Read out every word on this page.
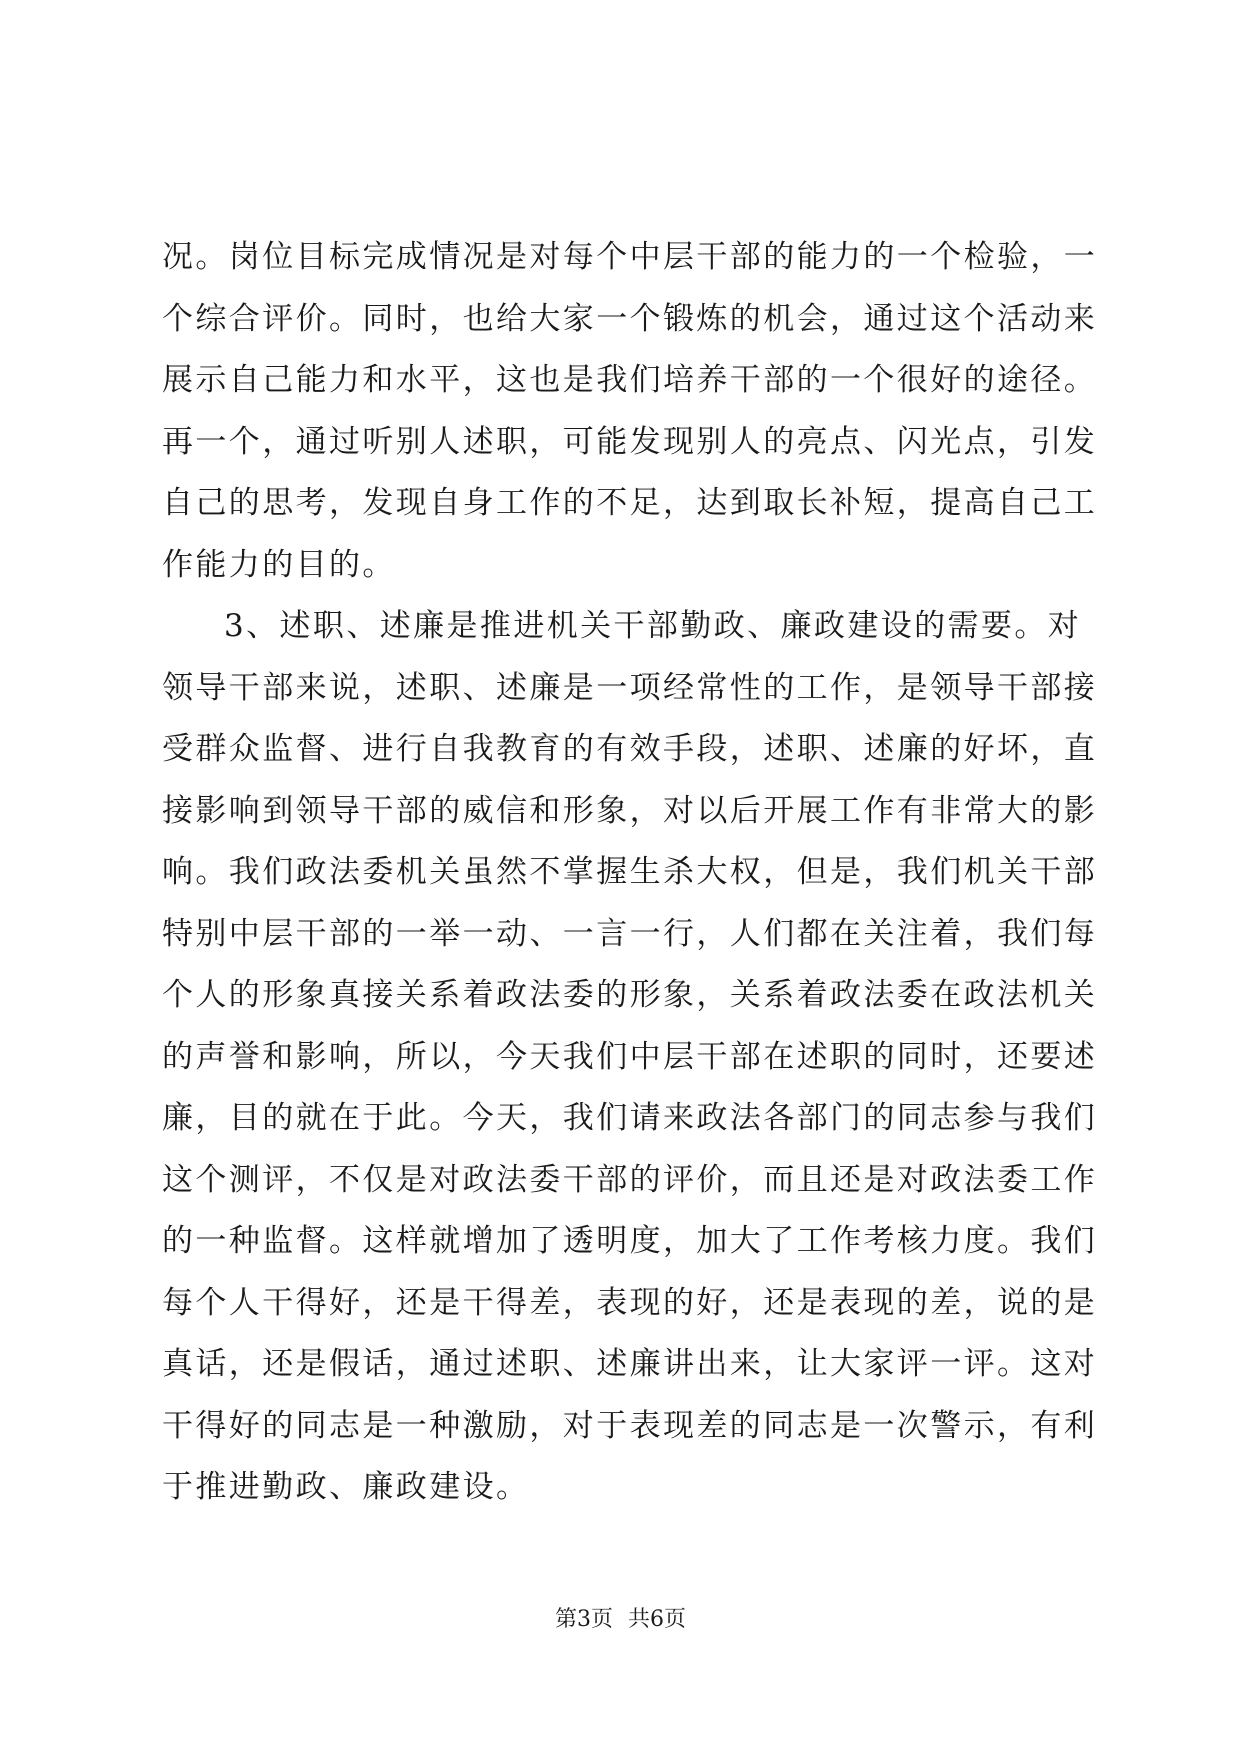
况。岗位目标完成情况是对每个中层干部的能力的一个检验，一
个综合评价。同时，也给大家一个锻炼的机会，通过这个活动来
展示自己能力和水平，这也是我们培养干部的一个很好的途径。
再一个，通过听别人述职，可能发现别人的亮点、闪光点，引发
自己的思考，发现自身工作的不足，达到取长补短，提高自己工
作能力的目的。
3、述职、述廉是推进机关干部勤政、廉政建设的需要。对
领导干部来说，述职、述廉是一项经常性的工作，是领导干部接
受群众监督、进行自我教育的有效手段，述职、述廉的好坏，直
接影响到领导干部的威信和形象，对以后开展工作有非常大的影
响。我们政法委机关虽然不掌握生杀大权，但是，我们机关干部
特别中层干部的一举一动、一言一行，人们都在关注着，我们每
个人的形象真接关系着政法委的形象，关系着政法委在政法机关
的声誉和影响，所以，今天我们中层干部在述职的同时，还要述
廉，目的就在于此。今天，我们请来政法各部门的同志参与我们
这个测评，不仅是对政法委干部的评价，而且还是对政法委工作
的一种监督。这样就增加了透明度，加大了工作考核力度。我们
每个人干得好，还是干得差，表现的好，还是表现的差，说的是
真话，还是假话，通过述职、述廉讲出来，让大家评一评。这对
干得好的同志是一种激励，对于表现差的同志是一次警示，有利
于推进勤政、廉政建设。
第3页 共6页
